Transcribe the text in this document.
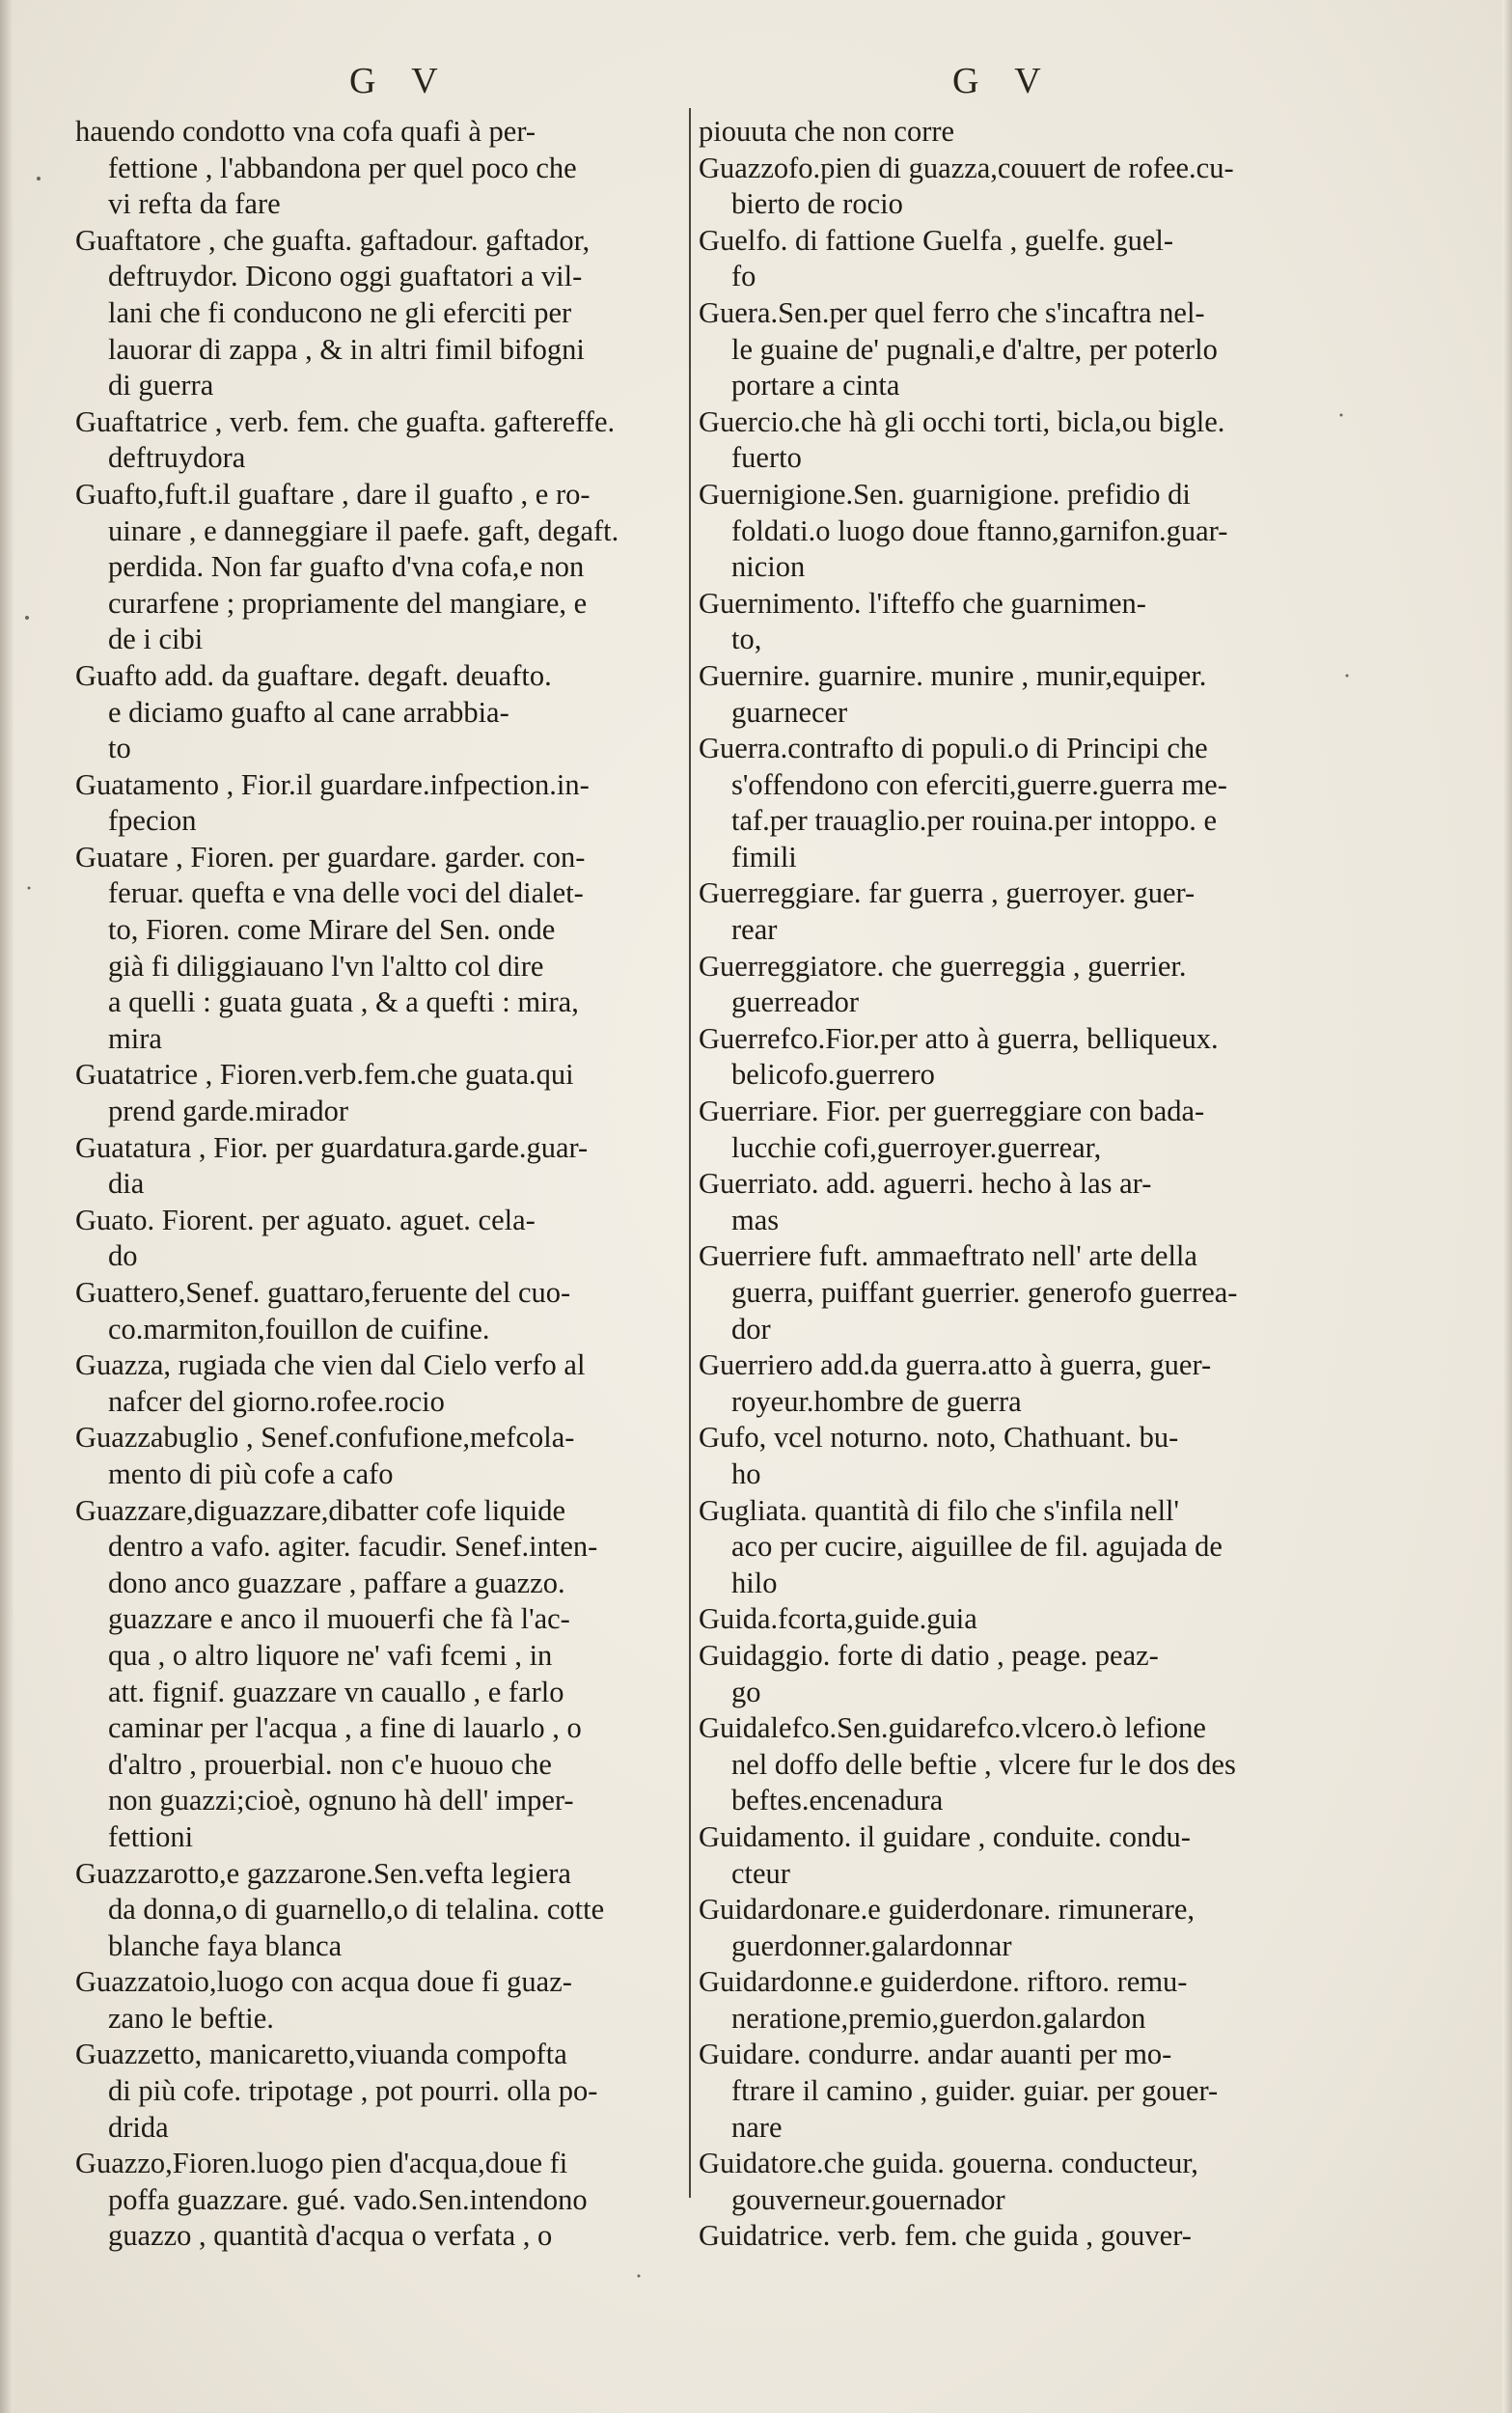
G V	G V
hauendo condotto vna cofa quafi à per-
fettione , l'abbandona per quel poco che
vi refta da fare
Guaftatore , che guafta. gaftadour. gaftador,
deftruydor. Dicono oggi guaftatori a vil-
lani che fi conducono ne gli eferciti per
lauorar di zappa , & in altri fimil bifogni
di guerra
Guaftatrice , verb. fem. che guafta. gaftereffe.
deftruydora
Guafto,fuft.il guaftare , dare il guafto , e ro-
uinare , e danneggiare il paefe. gaft, degaft.
perdida. Non far guafto d'vna cofa,e non
curarfene ; propriamente del mangiare, e
de i cibi
Guafto add. da guaftare. degaft. deuafto.
e diciamo guafto al cane arrabbia-
to
Guatamento , Fior.il guardare.infpection.in-
fpecion
Guatare , Fioren. per guardare. garder. con-
feruar. quefta e vna delle voci del dialet-
to, Fioren. come Mirare del Sen. onde
già fi diliggiauano l'vn l'altto col dire
a quelli : guata guata , & a quefti : mira,
mira
Guatatrice , Fioren.verb.fem.che guata.qui
prend garde.mirador
Guatatura , Fior. per guardatura.garde.guar-
dia
Guato. Fiorent. per aguato. aguet. cela-
do
Guattero,Senef. guattaro,feruente del cuo-
co.marmiton,fouillon de cuifine.
Guazza, rugiada che vien dal Cielo verfo al
nafcer del giorno.rofee.rocio
Guazzabuglio , Senef.confufione,mefcola-
mento di più cofe a cafo
Guazzare,diguazzare,dibatter cofe liquide
dentro a vafo. agiter. facudir. Senef.inten-
dono anco guazzare , paffare a guazzo.
guazzare e anco il muouerfi che fà l'ac-
qua , o altro liquore ne' vafi fcemi , in
att. fignif. guazzare vn cauallo , e farlo
caminar per l'acqua , a fine di lauarlo , o
d'altro , prouerbial. non c'e huouo che
non guazzi;cioè, ognuno hà dell' imper-
fettioni
Guazzarotto,e gazzarone.Sen.vefta legiera
da donna,o di guarnello,o di telalina. cotte
blanche faya blanca
Guazzatoio,luogo con acqua doue fi guaz-
zano le beftie.
Guazzetto, manicaretto,viuanda compofta
di più cofe. tripotage , pot pourri. olla po-
drida
Guazzo,Fioren.luogo pien d'acqua,doue fi
poffa guazzare. gué. vado.Sen.intendono
guazzo , quantità d'acqua o verfata , o
piouuta che non corre
Guazzofo.pien di guazza,couuert de rofee.cu-
bierto de rocio
Guelfo. di fattione Guelfa , guelfe. guel-
fo
Guera.Sen.per quel ferro che s'incaftra nel-
le guaine de' pugnali,e d'altre, per poterlo
portare a cinta
Guercio.che hà gli occhi torti, bicla,ou bigle.
fuerto
Guernigione.Sen. guarnigione. prefidio di
foldati.o luogo doue ftanno,garnifon.guar-
nicion
Guernimento. l'ifteffo che guarnimen-
to,
Guernire. guarnire. munire , munir,equiper.
guarnecer
Guerra.contrafto di populi.o di Principi che
s'offendono con eferciti,guerre.guerra me-
taf.per trauaglio.per rouina.per intoppo. e
fimili
Guerreggiare. far guerra , guerroyer. guer-
rear
Guerreggiatore. che guerreggia , guerrier.
guerreador
Guerrefco.Fior.per atto à guerra, belliqueux.
belicofo.guerrero
Guerriare. Fior. per guerreggiare con bada-
lucchie cofi,guerroyer.guerrear,
Guerriato. add. aguerri. hecho à las ar-
mas
Guerriere fuft. ammaeftrato nell' arte della
guerra, puiffant guerrier. generofo guerrea-
dor
Guerriero add.da guerra.atto à guerra, guer-
royeur.hombre de guerra
Gufo, vcel noturno. noto, Chathuant. bu-
ho
Gugliata. quantità di filo che s'infila nell'
aco per cucire, aiguillee de fil. agujada de
hilo
Guida.fcorta,guide.guia
Guidaggio. forte di datio , peage. peaz-
go
Guidalefco.Sen.guidarefco.vlcero.ò lefione
nel doffo delle beftie , vlcere fur le dos des
beftes.encenadura
Guidamento. il guidare , conduite. condu-
cteur
Guidardonare.e guiderdonare. rimunerare,
guerdonner.galardonnar
Guidardonne.e guiderdone. riftoro. remu-
neratione,premio,guerdon.galardon
Guidare. condurre. andar auanti per mo-
ftrare il camino , guider. guiar. per gouer-
nare
Guidatore.che guida. gouerna. conducteur,
gouverneur.gouernador
Guidatrice. verb. fem. che guida , gouver-
